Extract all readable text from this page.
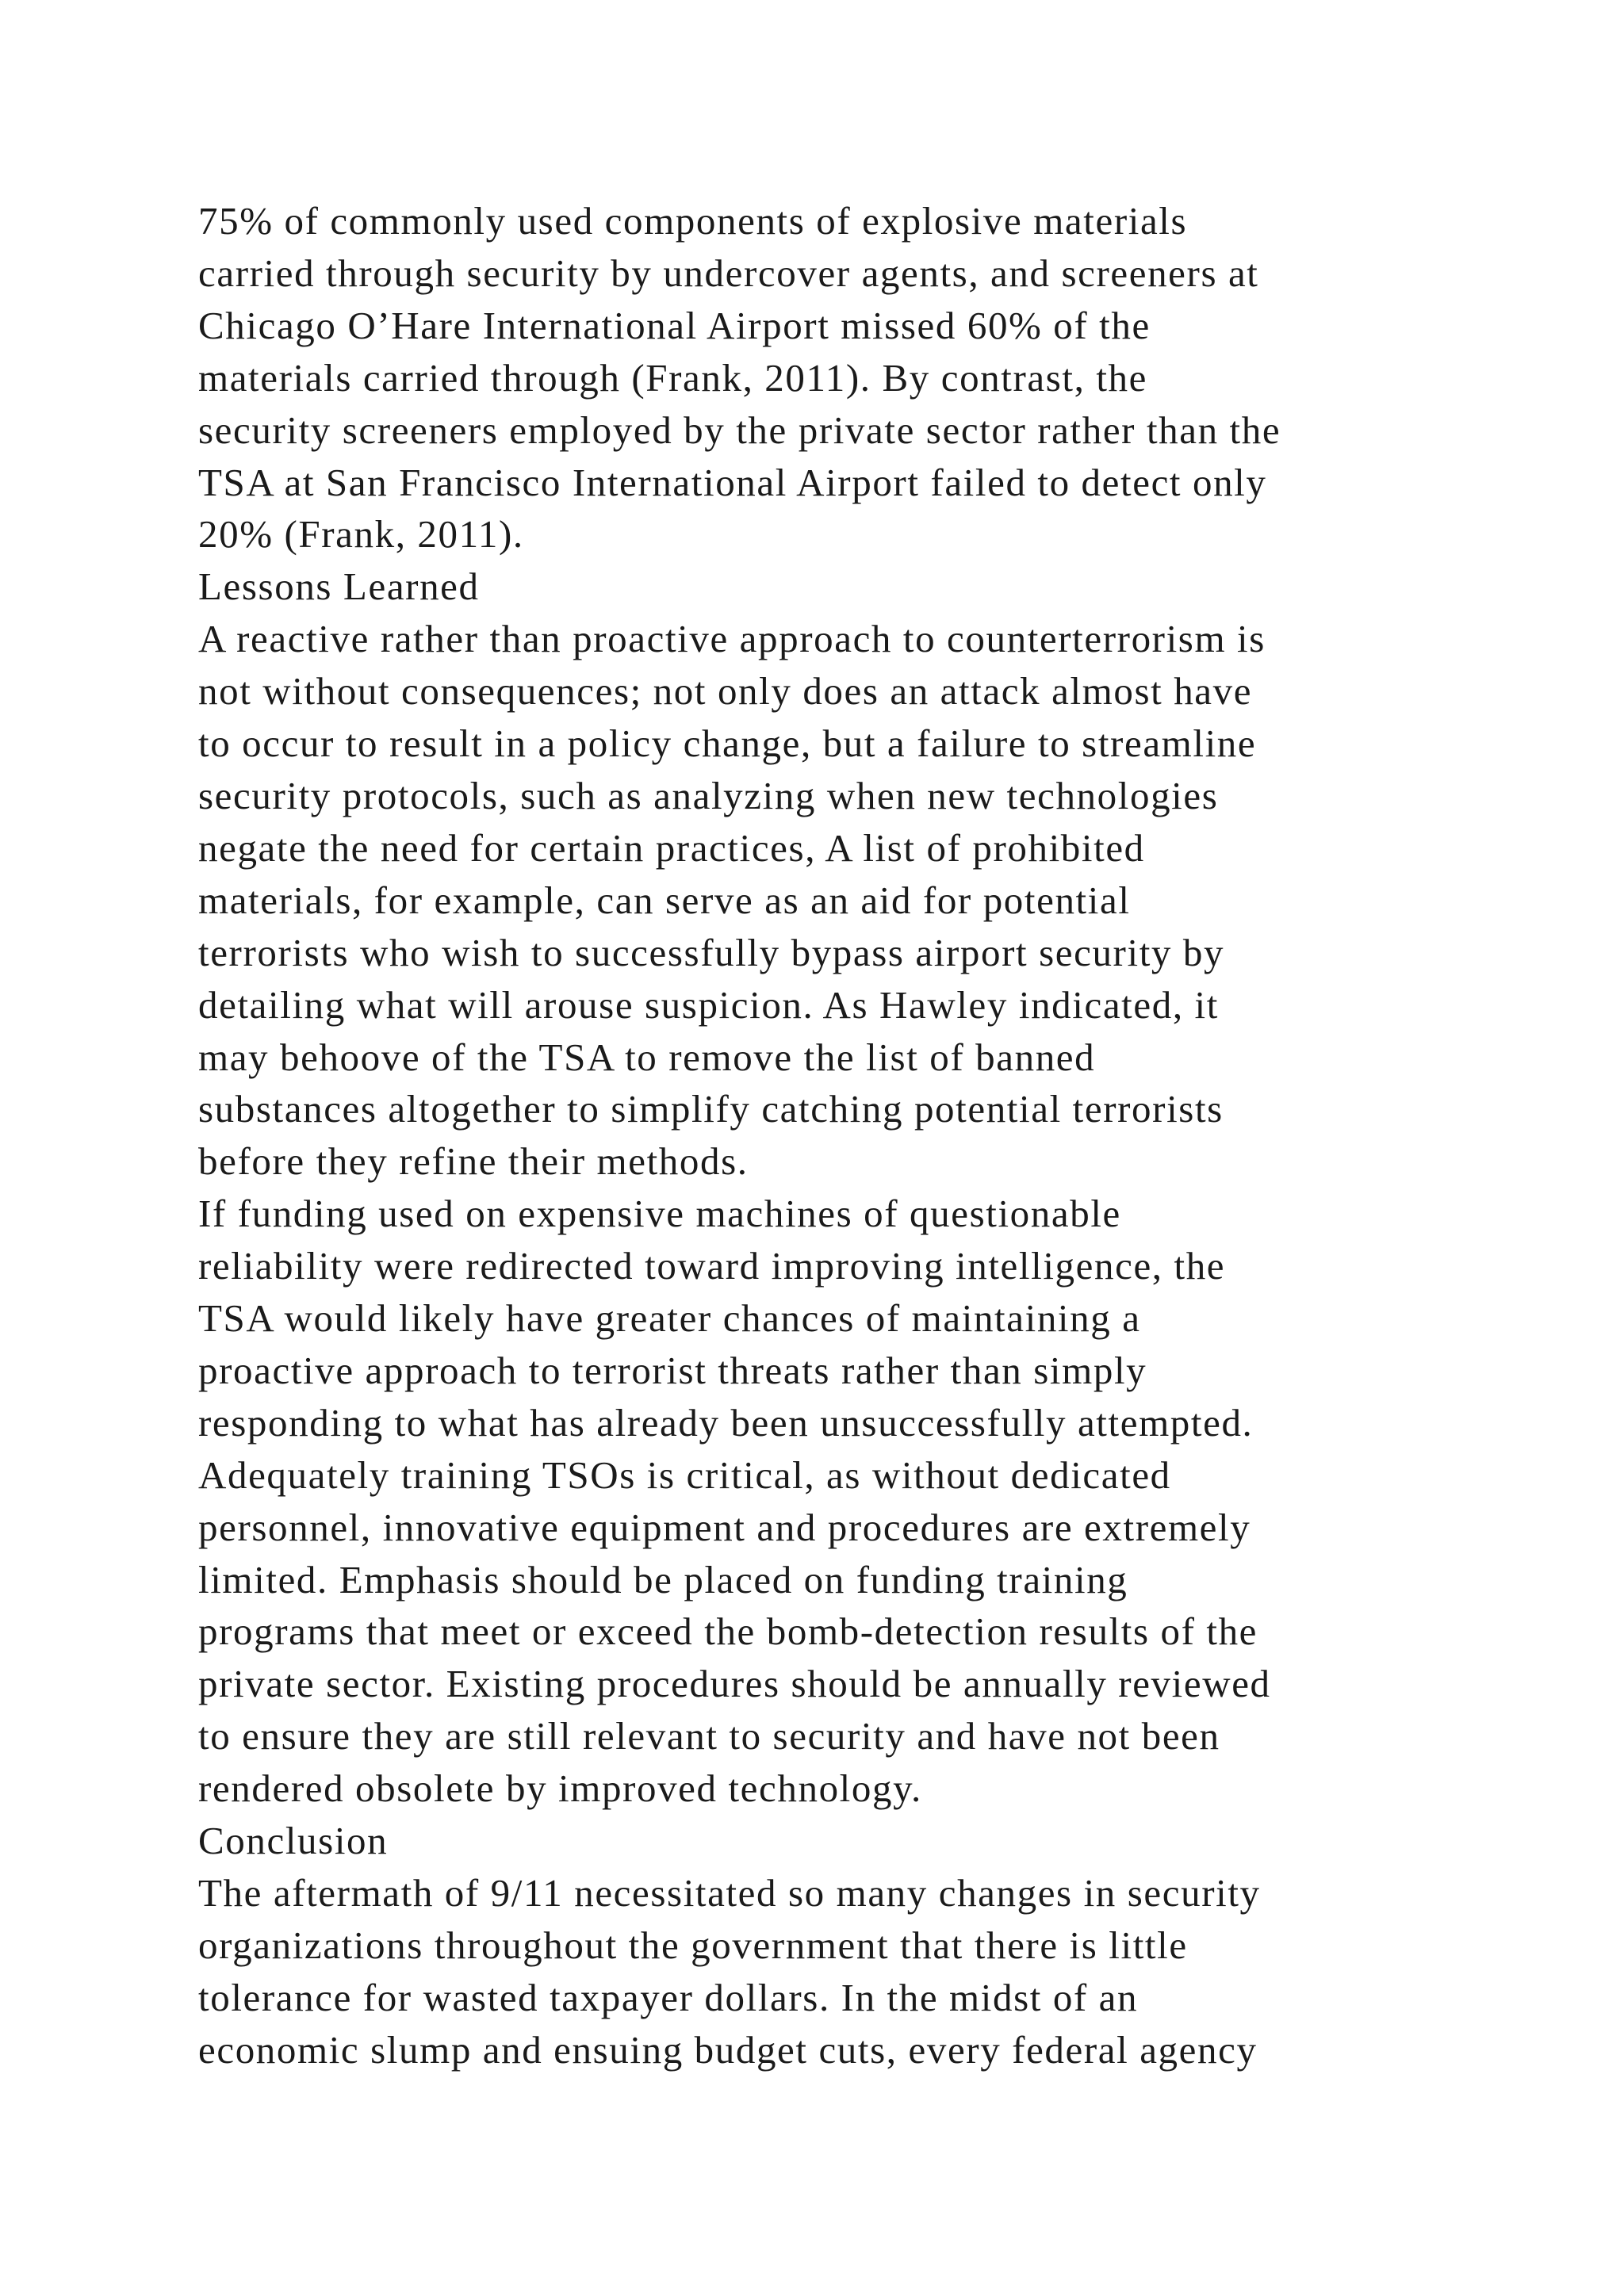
75% of commonly used components of explosive materials
carried through security by undercover agents, and screeners at
Chicago O’Hare International Airport missed 60% of the
materials carried through (Frank, 2011). By contrast, the
security screeners employed by the private sector rather than the
TSA at San Francisco International Airport failed to detect only
20% (Frank, 2011).
Lessons Learned
A reactive rather than proactive approach to counterterrorism is
not without consequences; not only does an attack almost have
to occur to result in a policy change, but a failure to streamline
security protocols, such as analyzing when new technologies
negate the need for certain practices, A list of prohibited
materials, for example, can serve as an aid for potential
terrorists who wish to successfully bypass airport security by
detailing what will arouse suspicion. As Hawley indicated, it
may behoove of the TSA to remove the list of banned
substances altogether to simplify catching potential terrorists
before they refine their methods.
If funding used on expensive machines of questionable
reliability were redirected toward improving intelligence, the
TSA would likely have greater chances of maintaining a
proactive approach to terrorist threats rather than simply
responding to what has already been unsuccessfully attempted.
Adequately training TSOs is critical, as without dedicated
personnel, innovative equipment and procedures are extremely
limited. Emphasis should be placed on funding training
programs that meet or exceed the bomb-detection results of the
private sector. Existing procedures should be annually reviewed
to ensure they are still relevant to security and have not been
rendered obsolete by improved technology.
Conclusion
The aftermath of 9/11 necessitated so many changes in security
organizations throughout the government that there is little
tolerance for wasted taxpayer dollars. In the midst of an
economic slump and ensuing budget cuts, every federal agency
